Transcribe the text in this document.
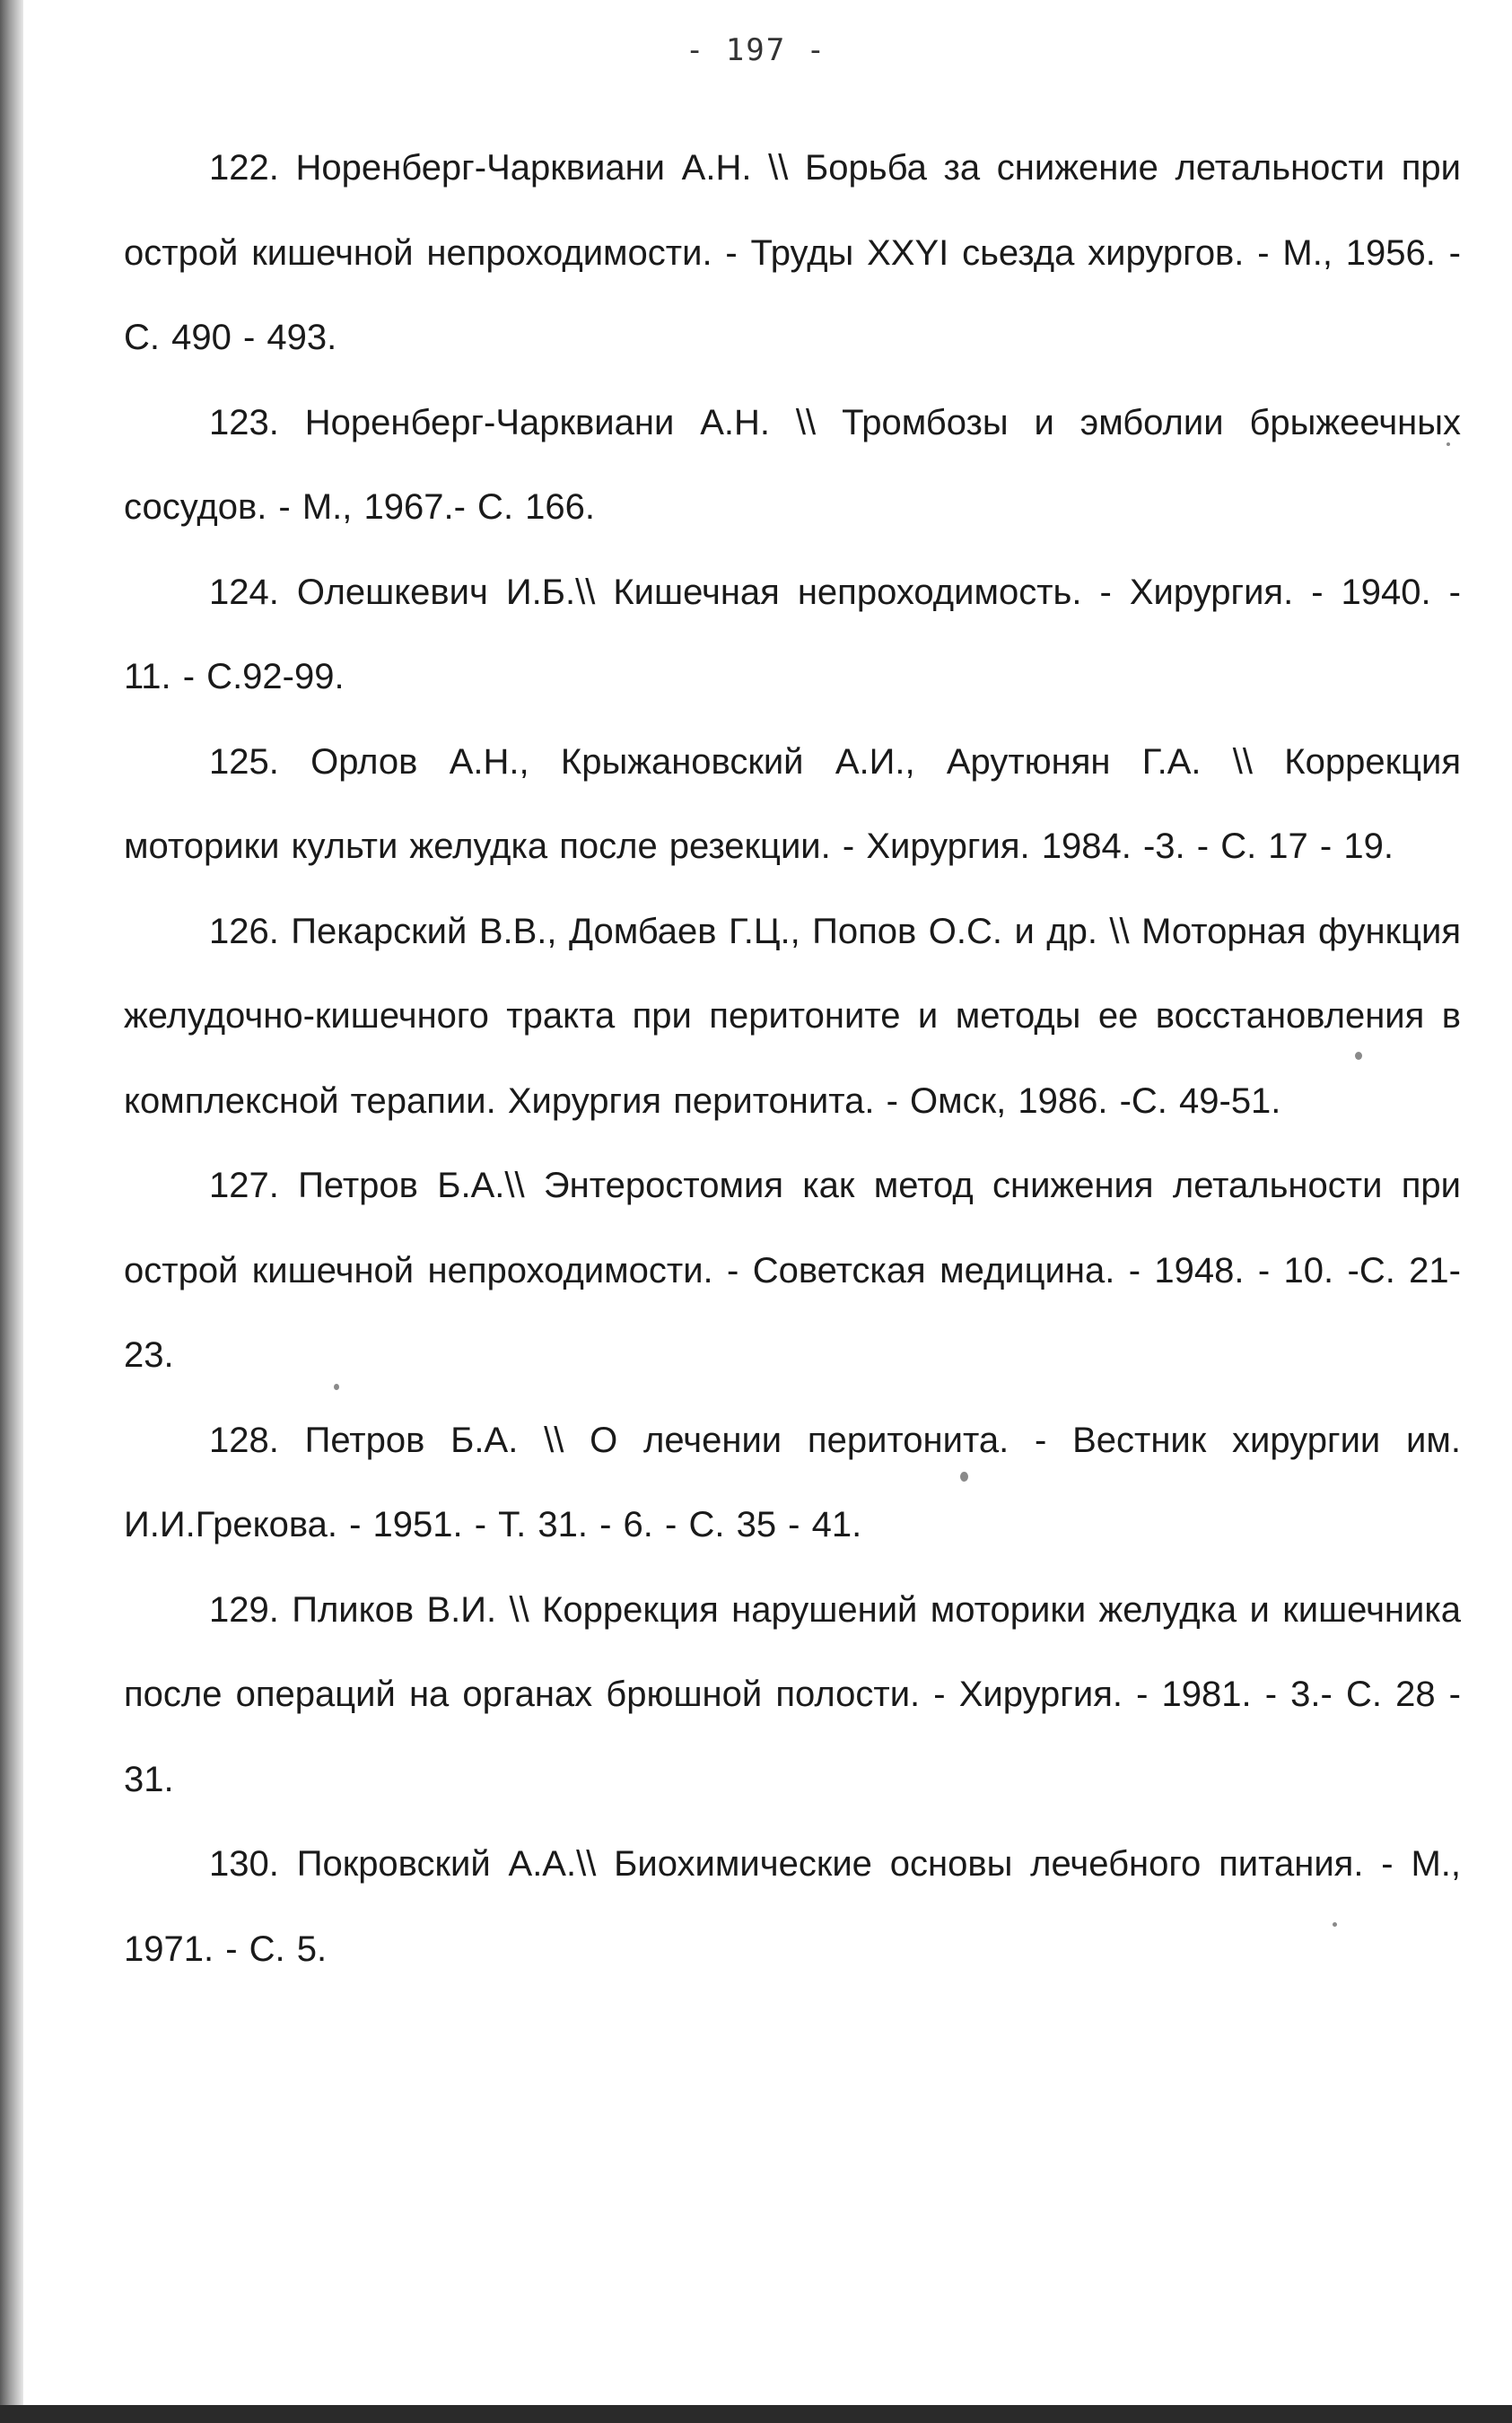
- 197 -

122. Норенберг-Чарквиани А.Н. \\ Борьба за снижение летальности при острой кишечной непроходимости. - Труды XXYI сьезда хирургов. - М., 1956. - С. 490 - 493.

123. Норенберг-Чарквиани А.Н. \\ Тромбозы и эмболии брыжеечных сосудов. - М., 1967.- С. 166.

124. Олешкевич И.Б.\\ Кишечная непроходимость. - Хирургия. - 1940. - 11. - С.92-99.

125. Орлов А.Н., Крыжановский А.И., Арутюнян Г.А. \\ Коррекция моторики культи желудка после резекции. - Хирургия. 1984. -3. - С. 17 - 19.

126. Пекарский В.В., Домбаев Г.Ц., Попов О.С. и др. \\ Моторная функция желудочно-кишечного тракта при перитоните и методы ее восстановления в комплексной терапии. Хирургия перитонита. - Омск, 1986. -С. 49-51.

127. Петров Б.А.\\ Энтеростомия как метод снижения летальности при острой кишечной непроходимости. - Советская медицина. - 1948. - 10. -С. 21-23.

128. Петров Б.А. \\ О лечении перитонита. - Вестник хирургии им. И.И.Грекова. - 1951. - Т. 31. - 6. - С. 35 - 41.

129. Пликов В.И. \\ Коррекция нарушений моторики желудка и кишечника после операций на органах брюшной полости. - Хирургия. - 1981. - 3.- С. 28 - 31.

130. Покровский А.А.\\ Биохимические основы лечебного питания. - М., 1971. - С. 5.
